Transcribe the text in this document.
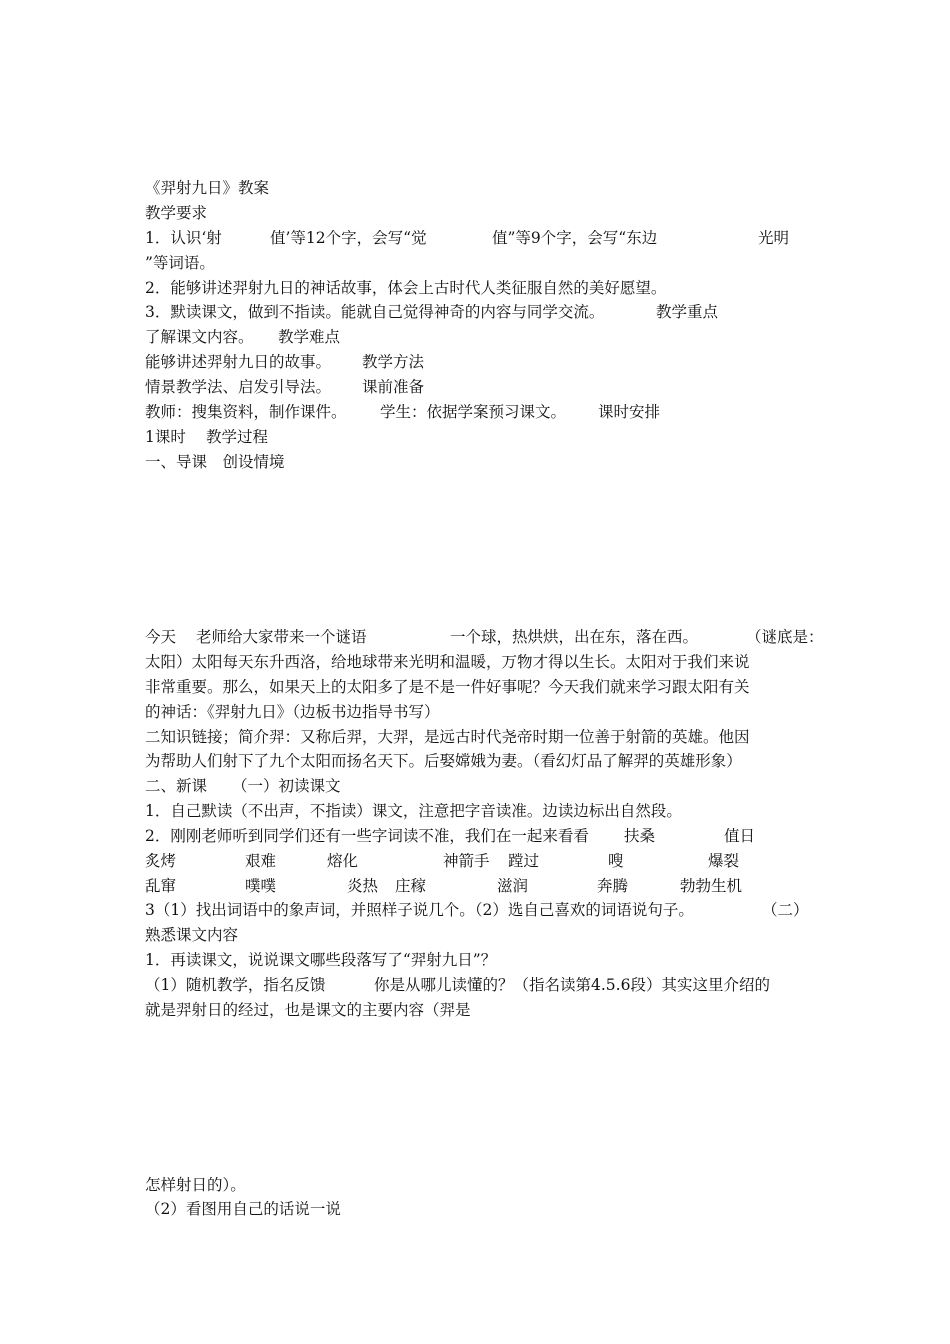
《羿射九日》教案
教学要求
1．认识‘射	值’等12个字，会写“觉	值”等9个字，会写“东边	光明
”等词语。
2．能够讲述羿射九日的神话故事，体会上古时代人类征服自然的美好愿望。
3．默读课文，做到不指读。能就自己觉得神奇的内容与同学交流。	教学重点
了解课文内容。 教学难点
能够讲述羿射九日的故事。 教学方法
情景教学法、启发引导法。 课前准备
教师：搜集资料，制作课件。 学生：依据学案预习课文。 课时安排
1课时 教学过程
一、导课　创设情境
今天 老师给大家带来一个谜语	一个球，热烘烘，出在东，落在西。	（谜底是：
太阳）太阳每天东升西洛，给地球带来光明和温暖，万物才得以生长。太阳对于我们来说
非常重要。那么，如果天上的太阳多了是不是一件好事呢？今天我们就来学习跟太阳有关
的神话：《羿射九日》（边板书边指导书写）
二知识链接；简介羿：又称后羿，大羿，是远古时代尧帝时期一位善于射箭的英雄。他因
为帮助人们射下了九个太阳而扬名天下。后娶嫦娥为妻。（看幻灯品了解羿的英雄形象）
二、新课 （一）初读课文
1．自己默读（不出声，不指读）课文，注意把字音读准。边读边标出自然段。
2．刚刚老师听到同学们还有一些字词读不准，我们在一起来看看 扶桑	值日
炙烤	艰难	熔化	神箭手 蹚过	嗖	爆裂
乱窜	噗噗	炎热 庄稼	滋润	奔腾	勃勃生机
3（1）找出词语中的象声词，并照样子说几个。（2）选自己喜欢的词语说句子。	（二）
熟悉课文内容
1．再读课文，说说课文哪些段落写了“羿射九日”？
（1）随机教学，指名反馈	你是从哪儿读懂的？（指名读第4.5.6段）其实这里介绍的
就是羿射日的经过，也是课文的主要内容（羿是
怎样射日的）。
（2）看图用自己的话说一说
